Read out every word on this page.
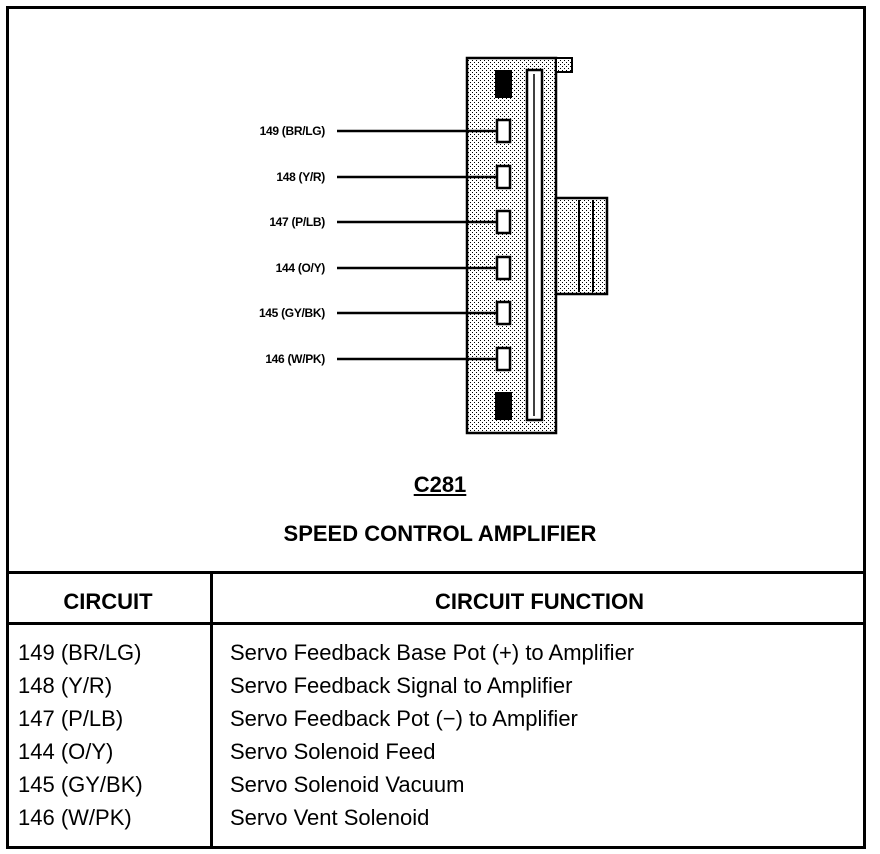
149 (BR/LG)
148 (Y/R)
147 (P/LB)
144 (O/Y)
145 (GY/BK)
146 (W/PK)
C281
SPEED CONTROL AMPLIFIER
CIRCUIT	CIRCUIT FUNCTION
149 (BR/LG)	Servo Feedback Base Pot (+) to Amplifier
148 (Y/R)	Servo Feedback Signal to Amplifier
147 (P/LB)	Servo Feedback Pot (−) to Amplifier
144 (O/Y)	Servo Solenoid Feed
145 (GY/BK)	Servo Solenoid Vacuum
146 (W/PK)	Servo Vent Solenoid
